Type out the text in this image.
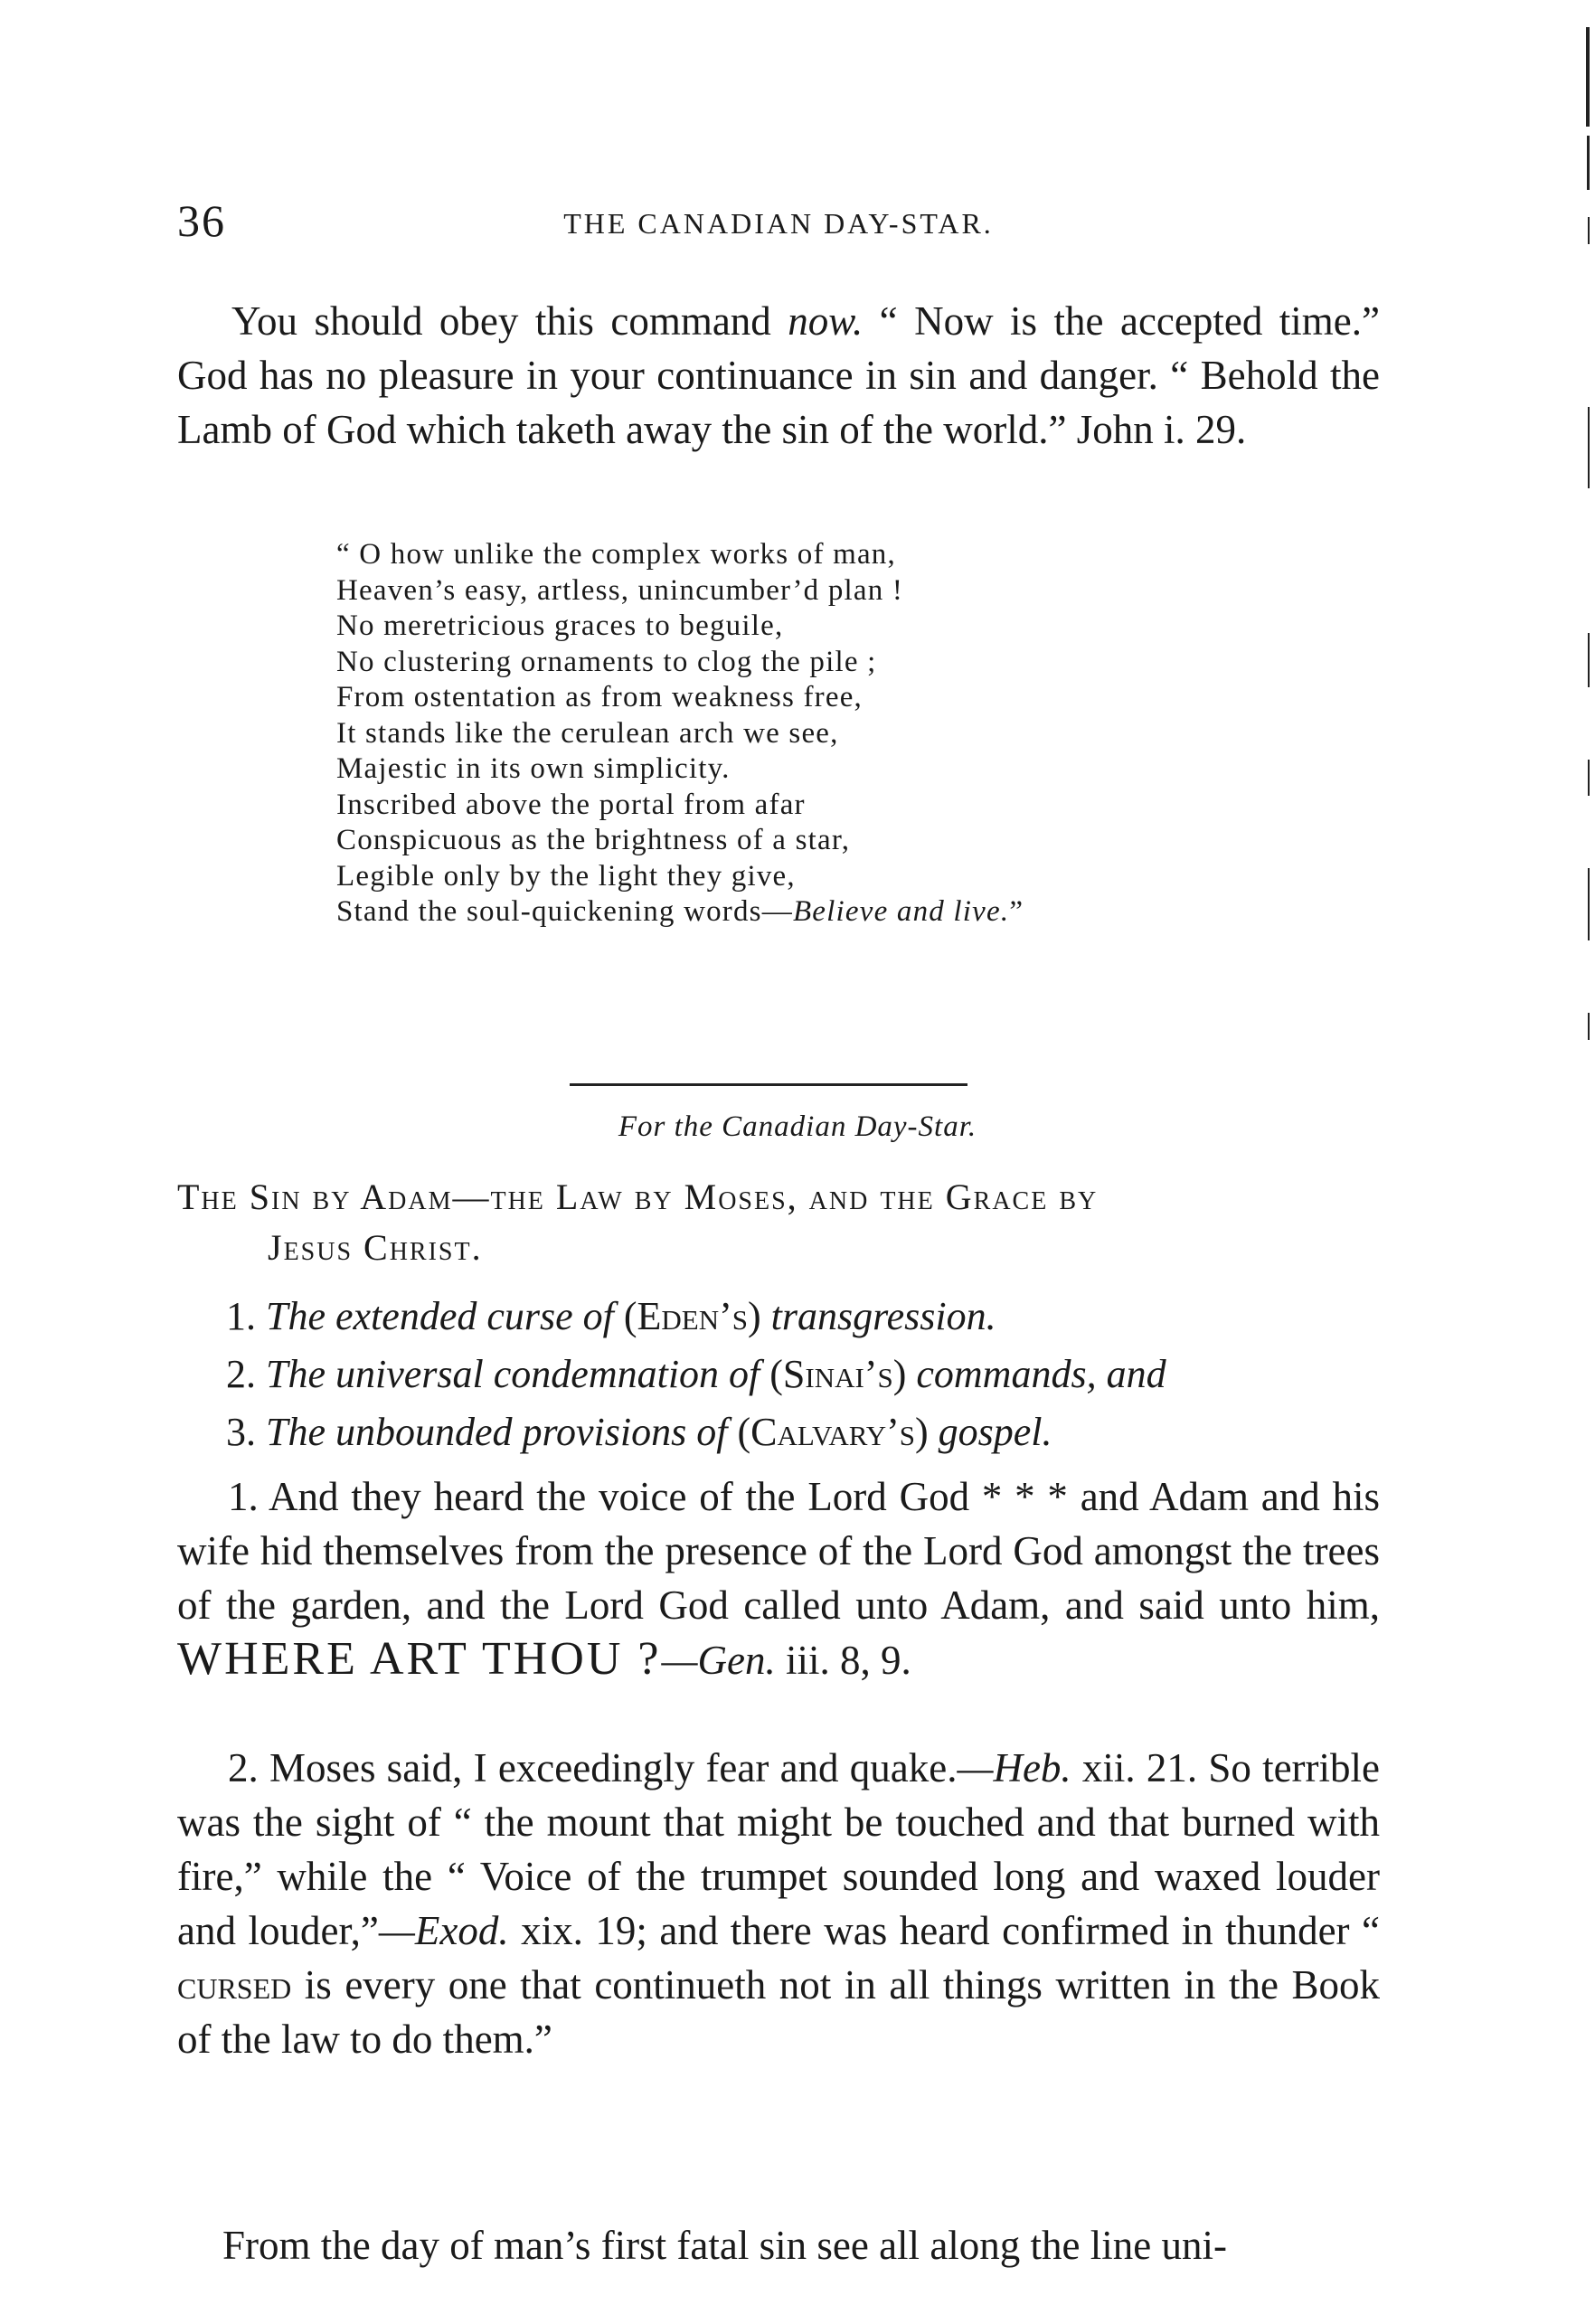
36	THE CANADIAN DAY-STAR.
You should obey this command now. “ Now is the accepted time.” God has no pleasure in your continuance in sin and danger. “ Behold the Lamb of God which taketh away the sin of the world.” John i. 29.
“ O how unlike the complex works of man,
Heaven’s easy, artless, unincumber’d plan !
No meretricious graces to beguile,
No clustering ornaments to clog the pile ;
From ostentation as from weakness free,
It stands like the cerulean arch we see,
Majestic in its own simplicity.
Inscribed above the portal from afar
Conspicuous as the brightness of a star,
Legible only by the light they give,
Stand the soul-quickening words—Believe and live.”
For the Canadian Day-Star.
The Sin by Adam—the Law by Moses, and the Grace by
Jesus Christ.
1. The extended curse of (Eden’s) transgression.
2. The universal condemnation of (Sinai’s) commands, and
3. The unbounded provisions of (Calvary’s) gospel.
1. And they heard the voice of the Lord God * * * and Adam and his wife hid themselves from the presence of the Lord God amongst the trees of the garden, and the Lord God called unto Adam, and said unto him, WHERE ART THOU ?—Gen. iii. 8, 9.
2. Moses said, I exceedingly fear and quake.—Heb. xii. 21. So terrible was the sight of “ the mount that might be touched and that burned with fire,” while the “ Voice of the trumpet sounded long and waxed louder and louder,”—Exod. xix. 19; and there was heard confirmed in thunder “ cursed is every one that continueth not in all things written in the Book of the law to do them.”
From the day of man’s first fatal sin see all along the line uni-
